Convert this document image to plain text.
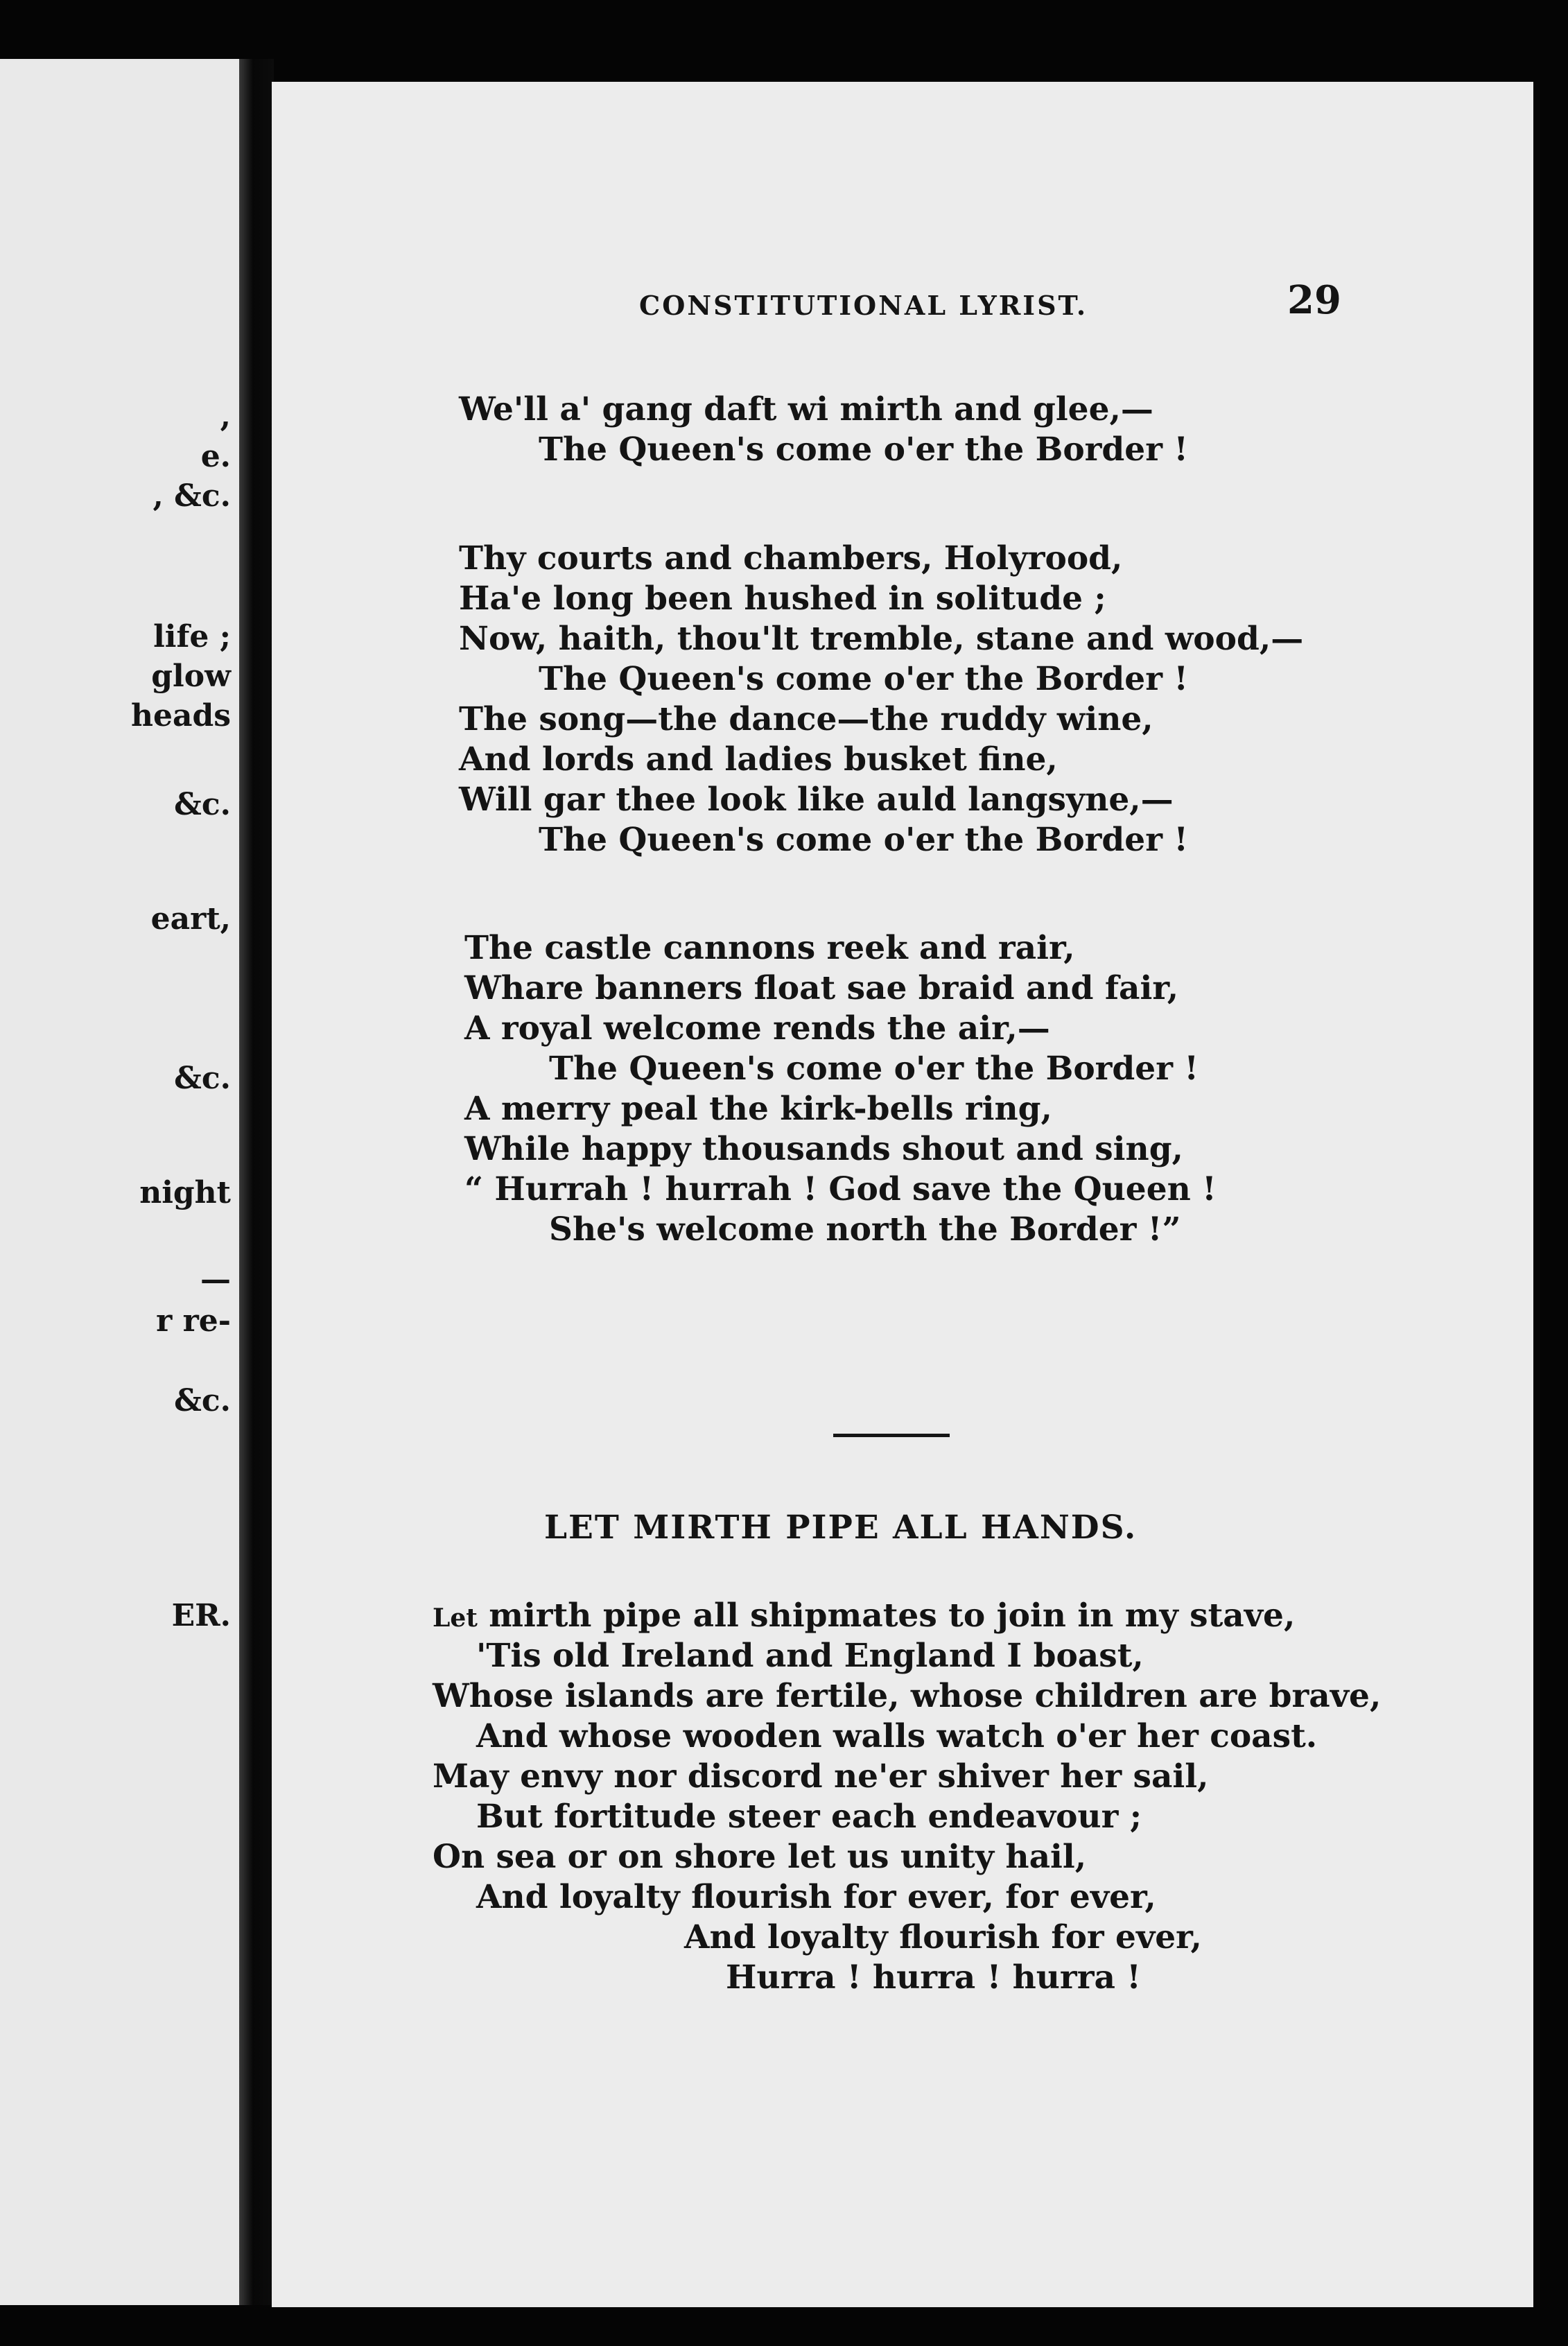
,
e.
, &c.
life ;
glow
heads
&c.
eart,
&c.
night
—
r re-
&c.
ER.
CONSTITUTIONAL LYRIST.	29
We'll a' gang daft wi mirth and glee,—
The Queen's come o'er the Border !
Thy courts and chambers, Holyrood,
Ha'e long been hushed in solitude ;
Now, haith, thou'lt tremble, stane and wood,—
The Queen's come o'er the Border !
The song—the dance—the ruddy wine,
And lords and ladies busket fine,
Will gar thee look like auld langsyne,—
The Queen's come o'er the Border !
The castle cannons reek and rair,
Whare banners float sae braid and fair,
A royal welcome rends the air,—
The Queen's come o'er the Border !
A merry peal the kirk-bells ring,
While happy thousands shout and sing,
“ Hurrah ! hurrah ! God save the Queen !
She's welcome north the Border !”
LET MIRTH PIPE ALL HANDS.
Let mirth pipe all shipmates to join in my stave,
'Tis old Ireland and England I boast,
Whose islands are fertile, whose children are brave,
And whose wooden walls watch o'er her coast.
May envy nor discord ne'er shiver her sail,
But fortitude steer each endeavour ;
On sea or on shore let us unity hail,
And loyalty flourish for ever, for ever,
And loyalty flourish for ever,
Hurra ! hurra ! hurra !
